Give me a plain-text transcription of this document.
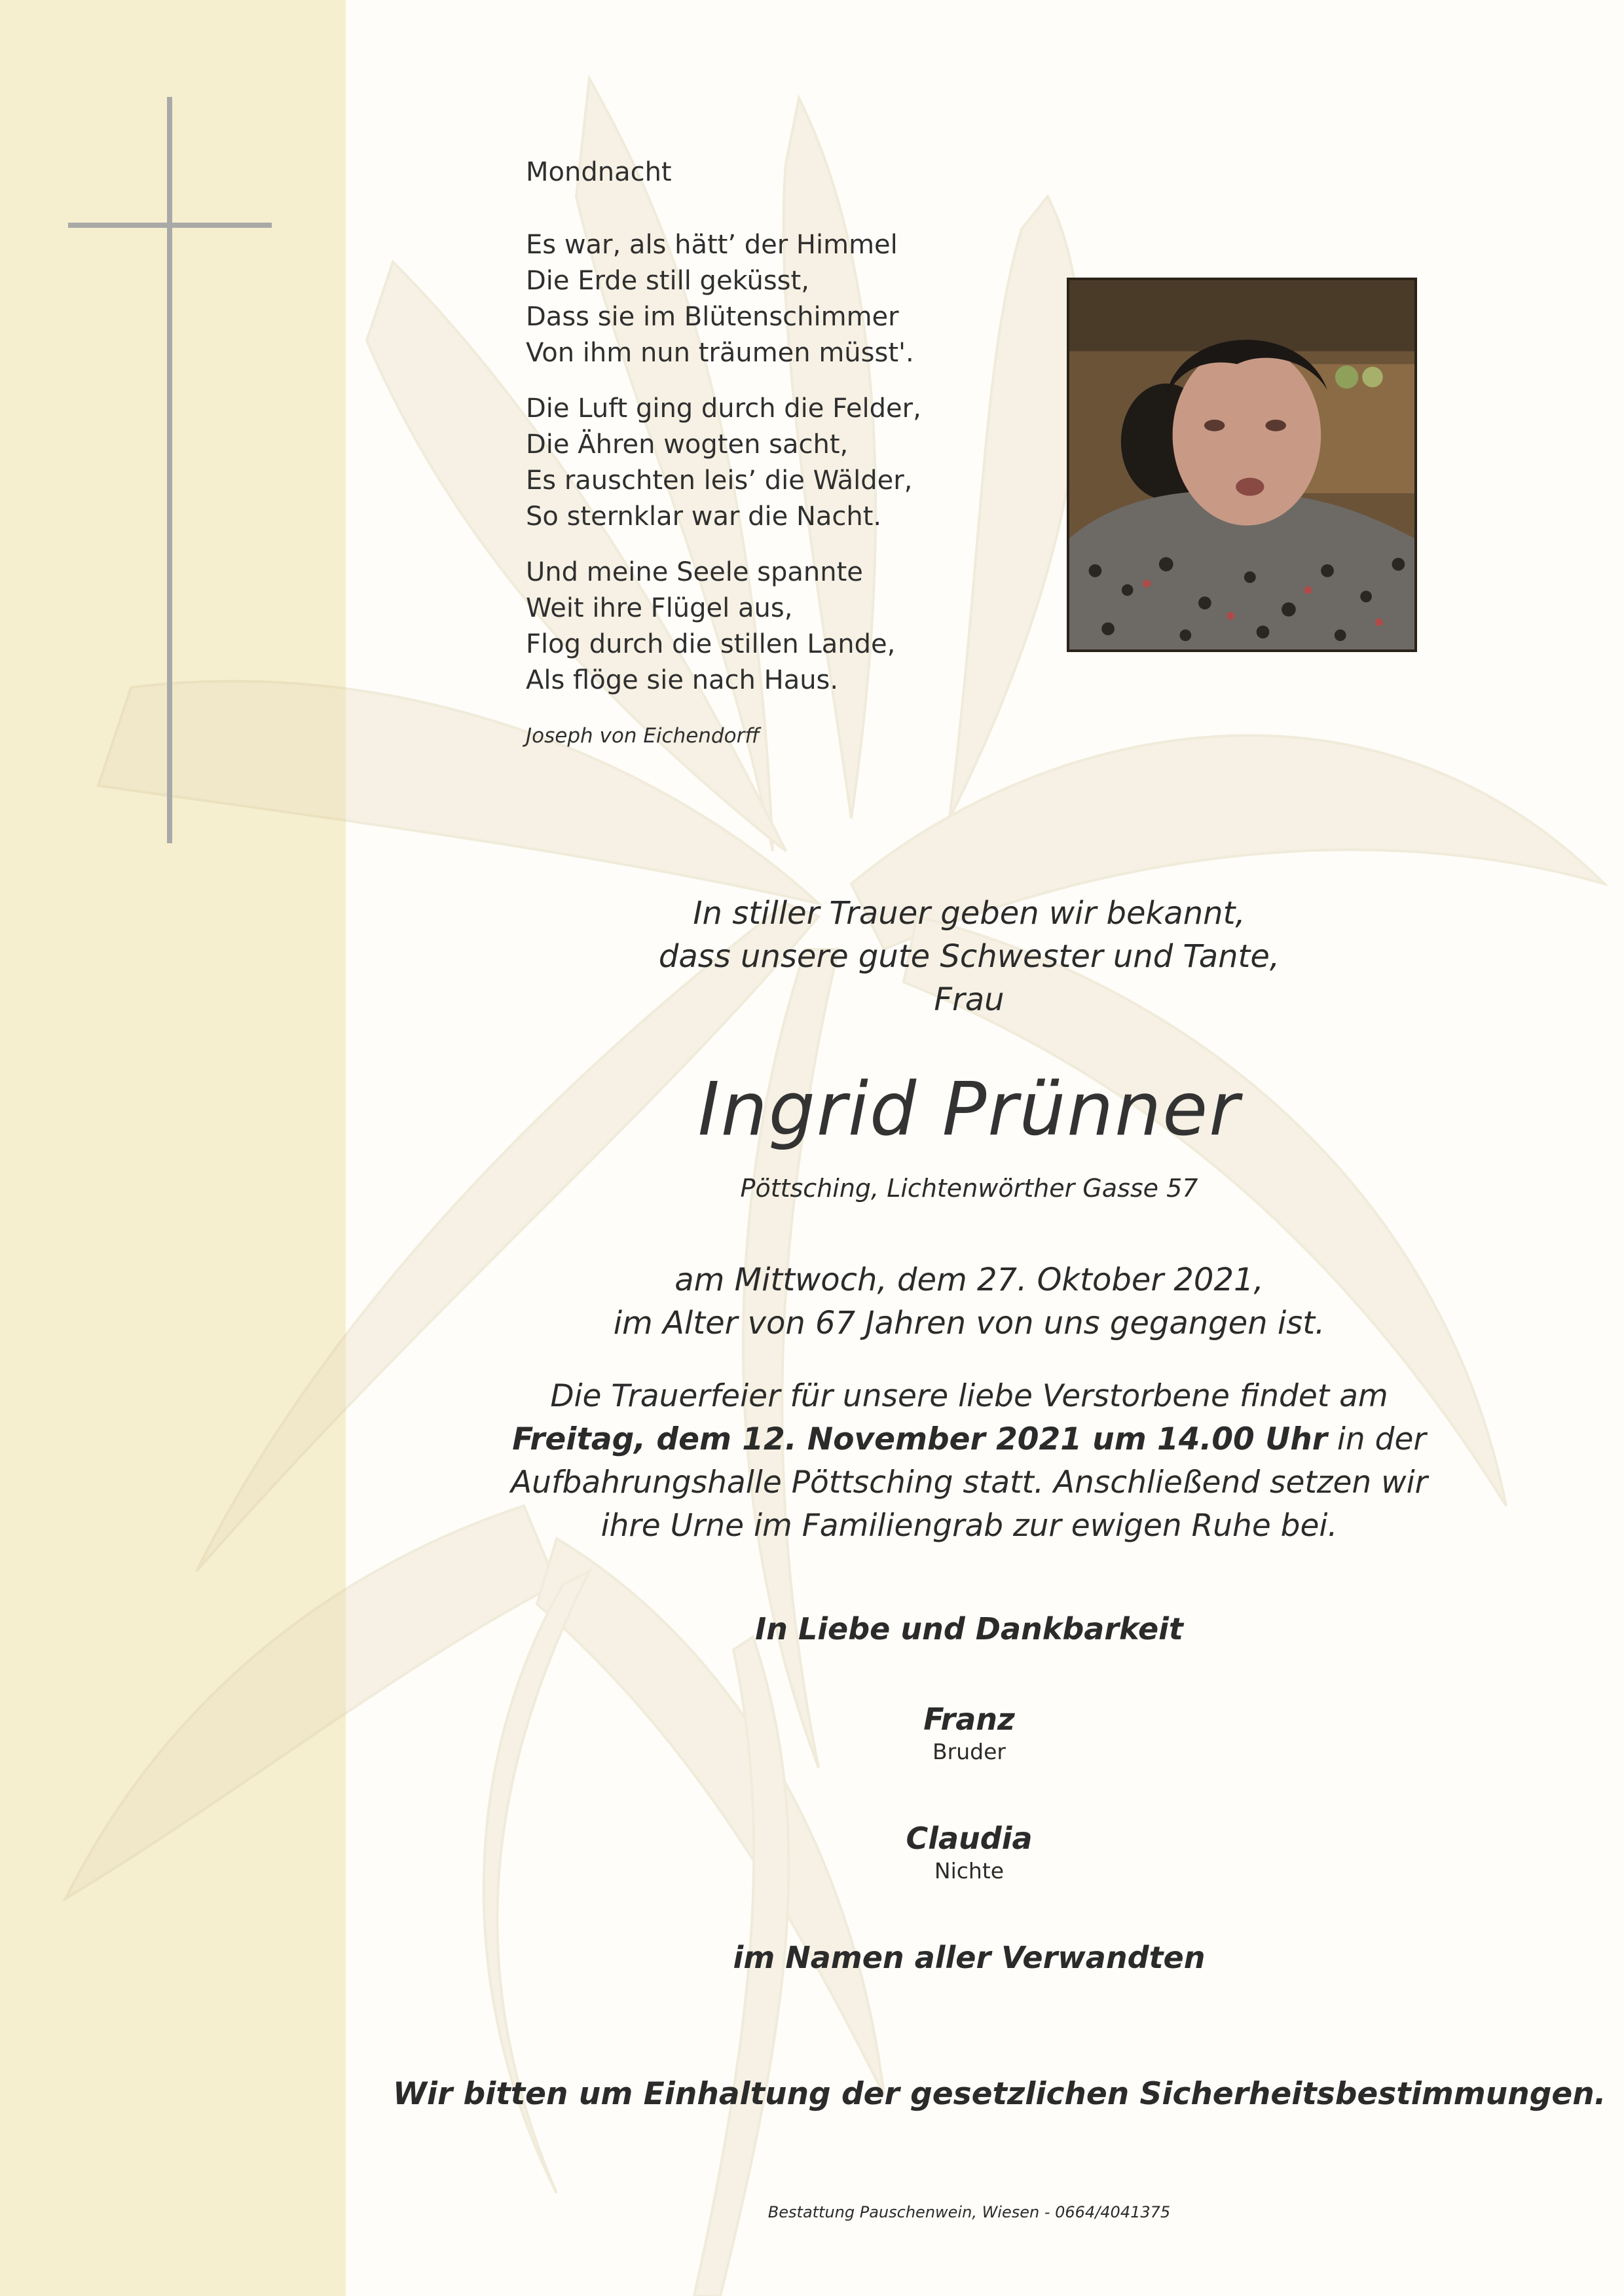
Mondnacht
Es war, als hätt’ der Himmel
Die Erde still geküsst,
Dass sie im Blütenschimmer
Von ihm nun träumen müsst'.
Die Luft ging durch die Felder,
Die Ähren wogten sacht,
Es rauschten leis’ die Wälder,
So sternklar war die Nacht.
Und meine Seele spannte
Weit ihre Flügel aus,
Flog durch die stillen Lande,
Als flöge sie nach Haus.
Joseph von Eichendorff
In stiller Trauer geben wir bekannt,
dass unsere gute Schwester und Tante,
Frau
Ingrid Prünner
Pöttsching, Lichtenwörther Gasse 57
am Mittwoch, dem 27. Oktober 2021,
im Alter von 67 Jahren von uns gegangen ist.
Die Trauerfeier für unsere liebe Verstorbene findet am
Freitag, dem 12. November 2021 um 14.00 Uhr in der
Aufbahrungshalle Pöttsching statt. Anschließend setzen wir
ihre Urne im Familiengrab zur ewigen Ruhe bei.
In Liebe und Dankbarkeit
Franz
Bruder
Claudia
Nichte
im Namen aller Verwandten
Wir bitten um Einhaltung der gesetzlichen Sicherheitsbestimmungen.
Bestattung Pauschenwein, Wiesen - 0664/4041375
